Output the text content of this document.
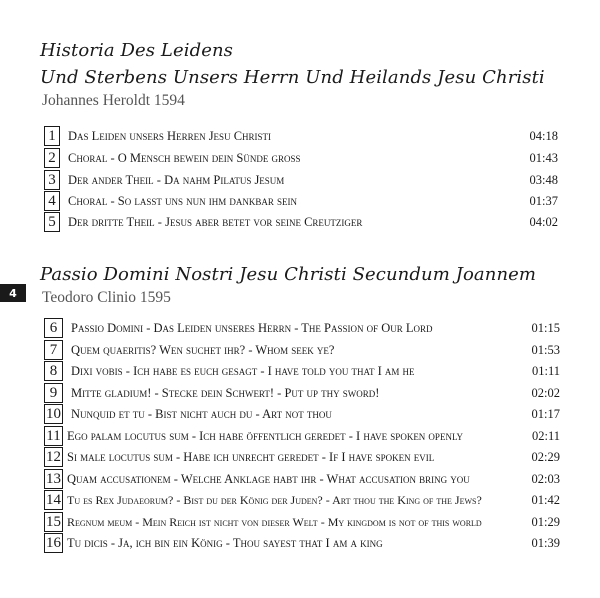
4
Historia Des Leidens
Und Sterbens Unsers Herrn Und Heilands Jesu Christi
Johannes Heroldt 1594
1 Das Leiden unsers Herren Jesu Christi	04:18
2 Choral - O Mensch bewein dein Sünde gross	01:43
3 Der ander Theil - Da nahm Pilatus Jesum	03:48
4 Choral - So lasst uns nun ihm dankbar sein	01:37
5 Der dritte Theil - Jesus aber betet vor seine Creutziger	04:02
Passio Domini Nostri Jesu Christi Secundum Joannem
Teodoro Clinio 1595
6	Passio Domini - Das Leiden unseres Herrn - The Passion of Our Lord	01:15
7	Quem quaeritis? Wen suchet ihr? - Whom seek ye?	01:53
8	Dixi vobis - Ich habe es euch gesagt - I have told you that I am he	01:11
9	Mitte gladium! - Stecke dein Schwert! - Put up thy sword!	02:02
10 Nunquid et tu - Bist nicht auch du - Art not thou	01:17
11 Ego palam locutus sum - Ich habe öffentlich geredet - I have spoken openly	02:11
12 Si male locutus sum - Habe ich unrecht geredet - If I have spoken evil	02:29
13 Quam accusationem - Welche Anklage habt ihr - What accusation bring you	02:03
14 Tu es Rex Judaeorum? - Bist du der König der Juden? - Art thou the King of the Jews?	01:42
15 Regnum meum - Mein Reich ist nicht von dieser Welt - My kingdom is not of this world	01:29
16 Tu dicis - Ja, ich bin ein König - Thou sayest that I am a king	01:39
